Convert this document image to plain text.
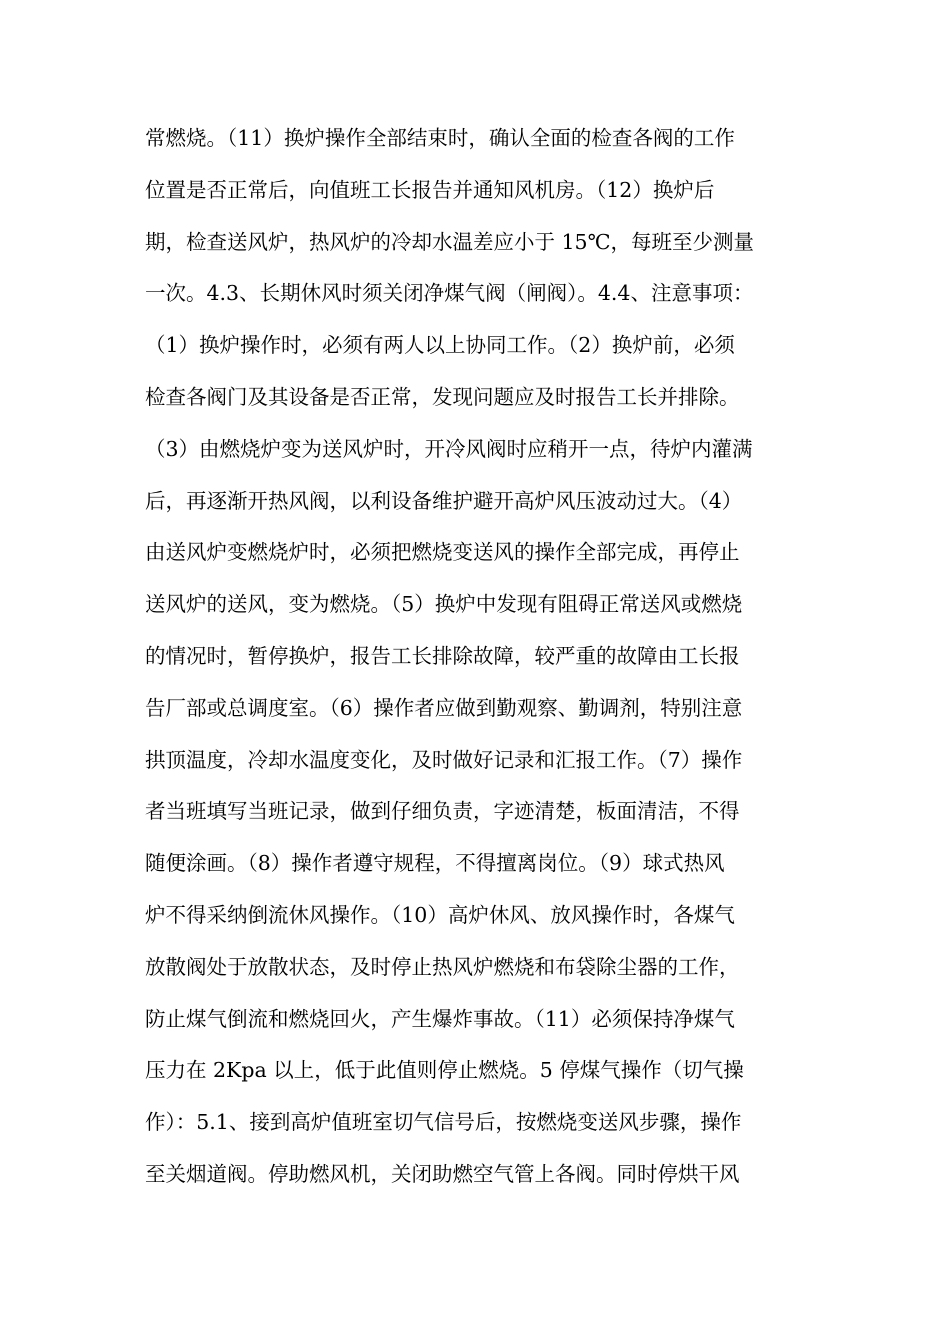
常燃烧。（11）换炉操作全部结束时，确认全面的检查各阀的工作
位置是否正常后，向值班工长报告并通知风机房。（12）换炉后
期，检查送风炉，热风炉的冷却水温差应小于 15℃，每班至少测量
一次。4.3、长期休风时须关闭净煤气阀（闸阀）。4.4、注意事项：
（1）换炉操作时，必须有两人以上协同工作。（2）换炉前，必须
检查各阀门及其设备是否正常，发现问题应及时报告工长并排除。
（3）由燃烧炉变为送风炉时，开冷风阀时应稍开一点，待炉内灌满
后，再逐渐开热风阀，以利设备维护避开高炉风压波动过大。（4）
由送风炉变燃烧炉时，必须把燃烧变送风的操作全部完成，再停止
送风炉的送风，变为燃烧。（5）换炉中发现有阻碍正常送风或燃烧
的情况时，暂停换炉，报告工长排除故障，较严重的故障由工长报
告厂部或总调度室。（6）操作者应做到勤观察、勤调剂，特别注意
拱顶温度，冷却水温度变化，及时做好记录和汇报工作。（7）操作
者当班填写当班记录，做到仔细负责，字迹清楚，板面清洁，不得
随便涂画。（8）操作者遵守规程，不得擅离岗位。（9）球式热风
炉不得采纳倒流休风操作。（10）高炉休风、放风操作时，各煤气
放散阀处于放散状态，及时停止热风炉燃烧和布袋除尘器的工作，
防止煤气倒流和燃烧回火，产生爆炸事故。（11）必须保持净煤气
压力在 2Kpa 以上，低于此值则停止燃烧。5 停煤气操作（切气操
作）：5.1、接到高炉值班室切气信号后，按燃烧变送风步骤，操作
至关烟道阀。停助燃风机，关闭助燃空气管上各阀。同时停烘干风
